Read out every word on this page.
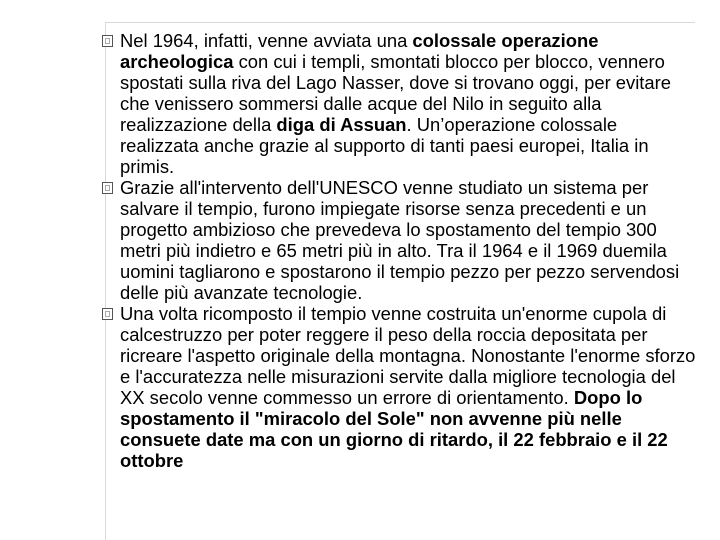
Nel 1964, infatti, venne avviata una colossale operazione archeologica con cui i templi, smontati blocco per blocco, vennero spostati sulla riva del Lago Nasser, dove si trovano oggi, per evitare che venissero sommersi dalle acque del Nilo in seguito alla realizzazione della diga di Assuan. Un’operazione colossale realizzata anche grazie al supporto di tanti paesi europei, Italia in primis.

Grazie all'intervento dell'UNESCO venne studiato un sistema per salvare il tempio, furono impiegate risorse senza precedenti e un progetto ambizioso che prevedeva lo spostamento del tempio 300 metri più indietro e 65 metri più in alto. Tra il 1964 e il 1969 duemila uomini tagliarono e spostarono il tempio pezzo per pezzo servendosi delle più avanzate tecnologie.

Una volta ricomposto il tempio venne costruita un'enorme cupola di calcestruzzo per poter reggere il peso della roccia depositata per ricreare l'aspetto originale della montagna. Nonostante l'enorme sforzo e l'accuratezza nelle misurazioni servite dalla migliore tecnologia del XX secolo venne commesso un errore di orientamento. Dopo lo spostamento il "miracolo del Sole" non avvenne più nelle consuete date ma con un giorno di ritardo, il 22 febbraio e il 22 ottobre
